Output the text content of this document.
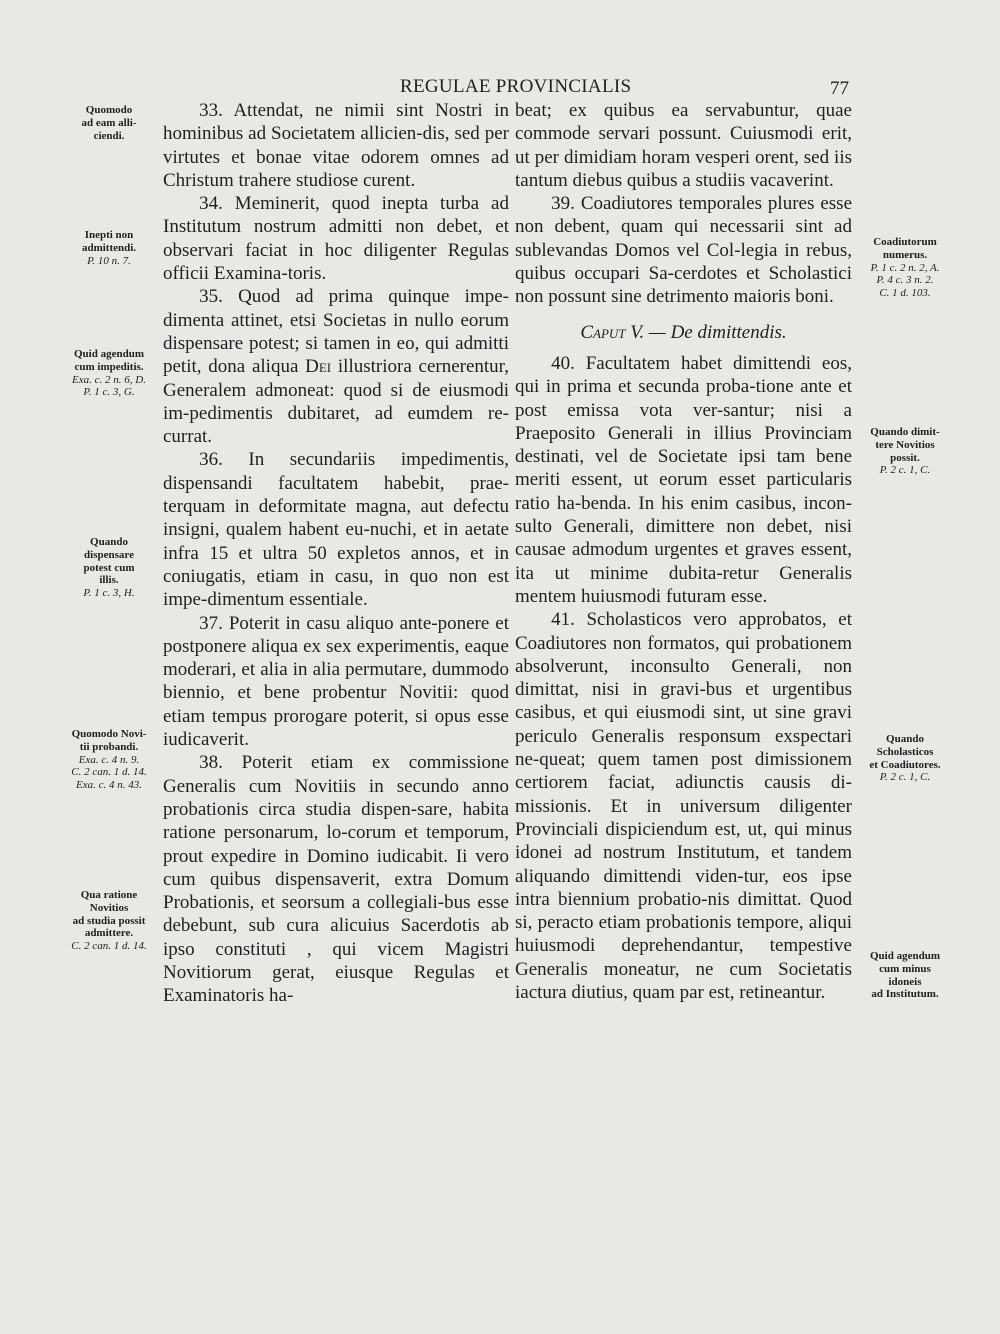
REGULAE PROVINCIALIS	77
Quomodo
ad eam alli-
ciendi.
Inepti non
admittendi.
P. 10 n. 7.
Quid agendum
cum impeditis.
Exa. c. 2 n. 6, D.
P. 1 c. 3, G.
Quando
dispensare
potest cum
illis.
P. 1 c. 3, H.
Quomodo Novi-
tii probandi.
Exa. c. 4 n. 9.
C. 2 can. 1 d. 14.
Exa. c. 4 n. 43.
Qua ratione
Novitios
ad studia possit
admittere.
C. 2 can. 1 d. 14.
Coadiutorum
numerus.
P. 1 c. 2 n. 2, A.
P. 4 c. 3 n. 2.
C. 1 d. 103.
Quando dimit-
tere Novitios
possit.
P. 2 c. 1, C.
Quando
Scholasticos
et Coadiutores.
P. 2 c. 1, C.
Quid agendum
cum minus
idoneis
ad Institutum.

33. Attendat, ne nimii sint Nostri in hominibus ad Societatem allicien-dis, sed per virtutes et bonae vitae odorem omnes ad Christum trahere studiose curent.

34. Meminerit, quod inepta turba ad Institutum nostrum admitti non debet, et observari faciat in hoc diligenter Regulas officii Examina-toris.

35. Quod ad prima quinque impe-dimenta attinet, etsi Societas in nullo eorum dispensare potest; si tamen in eo, qui admitti petit, dona aliqua Dei illustriora cernerentur, Generalem admoneat: quod si de eiusmodi im-pedimentis dubitaret, ad eumdem re-currat.

36. In secundariis impedimentis, dispensandi facultatem habebit, prae-terquam in deformitate magna, aut defectu insigni, qualem habent eu-nuchi, et in aetate infra 15 et ultra 50 expletos annos, et in coniugatis, etiam in casu, in quo non est impe-dimentum essentiale.

37. Poterit in casu aliquo ante-ponere et postponere aliqua ex sex experimentis, eaque moderari, et alia in alia permutare, dummodo biennio, et bene probentur Novitii: quod etiam tempus prorogare poterit, si opus esse iudicaverit.

38. Poterit etiam ex commissione Generalis cum Novitiis in secundo anno probationis circa studia dispen-sare, habita ratione personarum, lo-corum et temporum, prout expedire in Domino iudicabit. Ii vero cum quibus dispensaverit, extra Domum Probationis, et seorsum a collegiali-bus esse debebunt, sub cura alicuius Sacerdotis ab ipso constituti , qui vicem Magistri Novitiorum gerat, eiusque Regulas et Examinatoris ha-

beat; ex quibus ea servabuntur, quae commode servari possunt. Cuiusmodi erit, ut per dimidiam horam vesperi orent, sed iis tantum diebus quibus a studiis vacaverint.

39. Coadiutores temporales plures esse non debent, quam qui necessarii sint ad sublevandas Domos vel Col-legia in rebus, quibus occupari Sa-cerdotes et Scholastici non possunt sine detrimento maioris boni.

Caput V. — De dimittendis.

40. Facultatem habet dimittendi eos, qui in prima et secunda proba-tione ante et post emissa vota ver-santur; nisi a Praeposito Generali in illius Provinciam destinati, vel de Societate ipsi tam bene meriti essent, ut eorum esset particularis ratio ha-benda. In his enim casibus, incon-sulto Generali, dimittere non debet, nisi causae admodum urgentes et graves essent, ita ut minime dubita-retur Generalis mentem huiusmodi futuram esse.

41. Scholasticos vero approbatos, et Coadiutores non formatos, qui probationem absolverunt, inconsulto Generali, non dimittat, nisi in gravi-bus et urgentibus casibus, et qui eiusmodi sint, ut sine gravi periculo Generalis responsum exspectari ne-queat; quem tamen post dimissionem certiorem faciat, adiunctis causis di-missionis. Et in universum diligenter Provinciali dispiciendum est, ut, qui minus idonei ad nostrum Institutum, et tandem aliquando dimittendi viden-tur, eos ipse intra biennium probatio-nis dimittat. Quod si, peracto etiam probationis tempore, aliqui huiusmodi deprehendantur, tempestive Generalis moneatur, ne cum Societatis iactura diutius, quam par est, retineantur.
